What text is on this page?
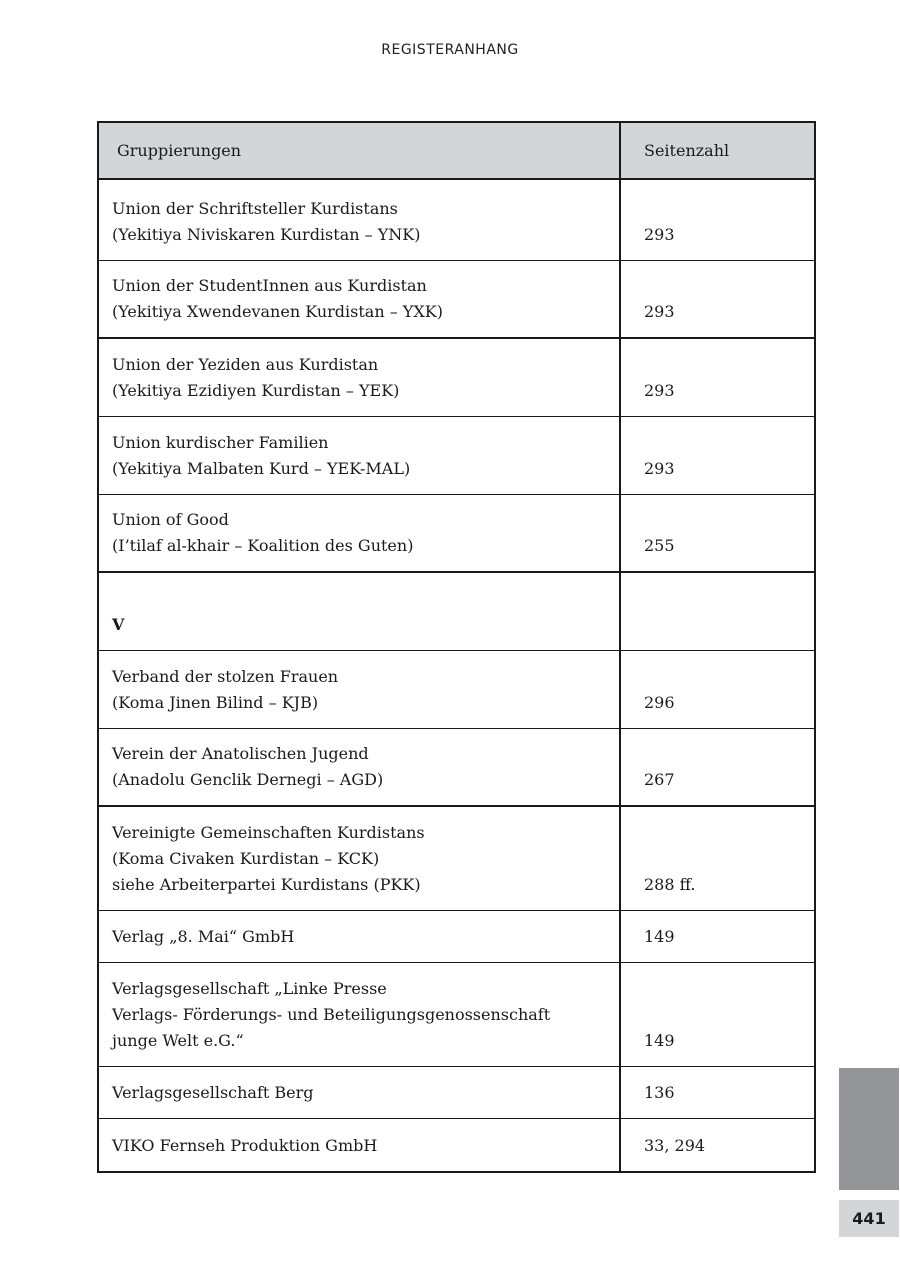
REGISTERANHANG
Gruppierungen	Seitenzahl

Union der Schriftsteller Kurdistans
(Yekitiya Niviskaren Kurdistan – YNK)	293

Union der StudentInnen aus Kurdistan
(Yekitiya Xwendevanen Kurdistan – YXK)	293

Union der Yeziden aus Kurdistan
(Yekitiya Ezidiyen Kurdistan – YEK)	293

Union kurdischer Familien
(Yekitiya Malbaten Kurd – YEK-MAL)	293

Union of Good
(I’tilaf al-khair – Koalition des Guten)	255

V	

Verband der stolzen Frauen
(Koma Jinen Bilind – KJB)	296

Verein der Anatolischen Jugend
(Anadolu Genclik Dernegi – AGD)	267

Vereinigte Gemeinschaften Kurdistans
(Koma Civaken Kurdistan – KCK)
siehe Arbeiterpartei Kurdistans (PKK)	288 ff.

Verlag „8. Mai“ GmbH	149

Verlagsgesellschaft „Linke Presse
Verlags- Förderungs- und Beteiligungsgenossenschaft
junge Welt e.G.“	149

Verlagsgesellschaft Berg	136

VIKO Fernseh Produktion GmbH	33, 294
441
